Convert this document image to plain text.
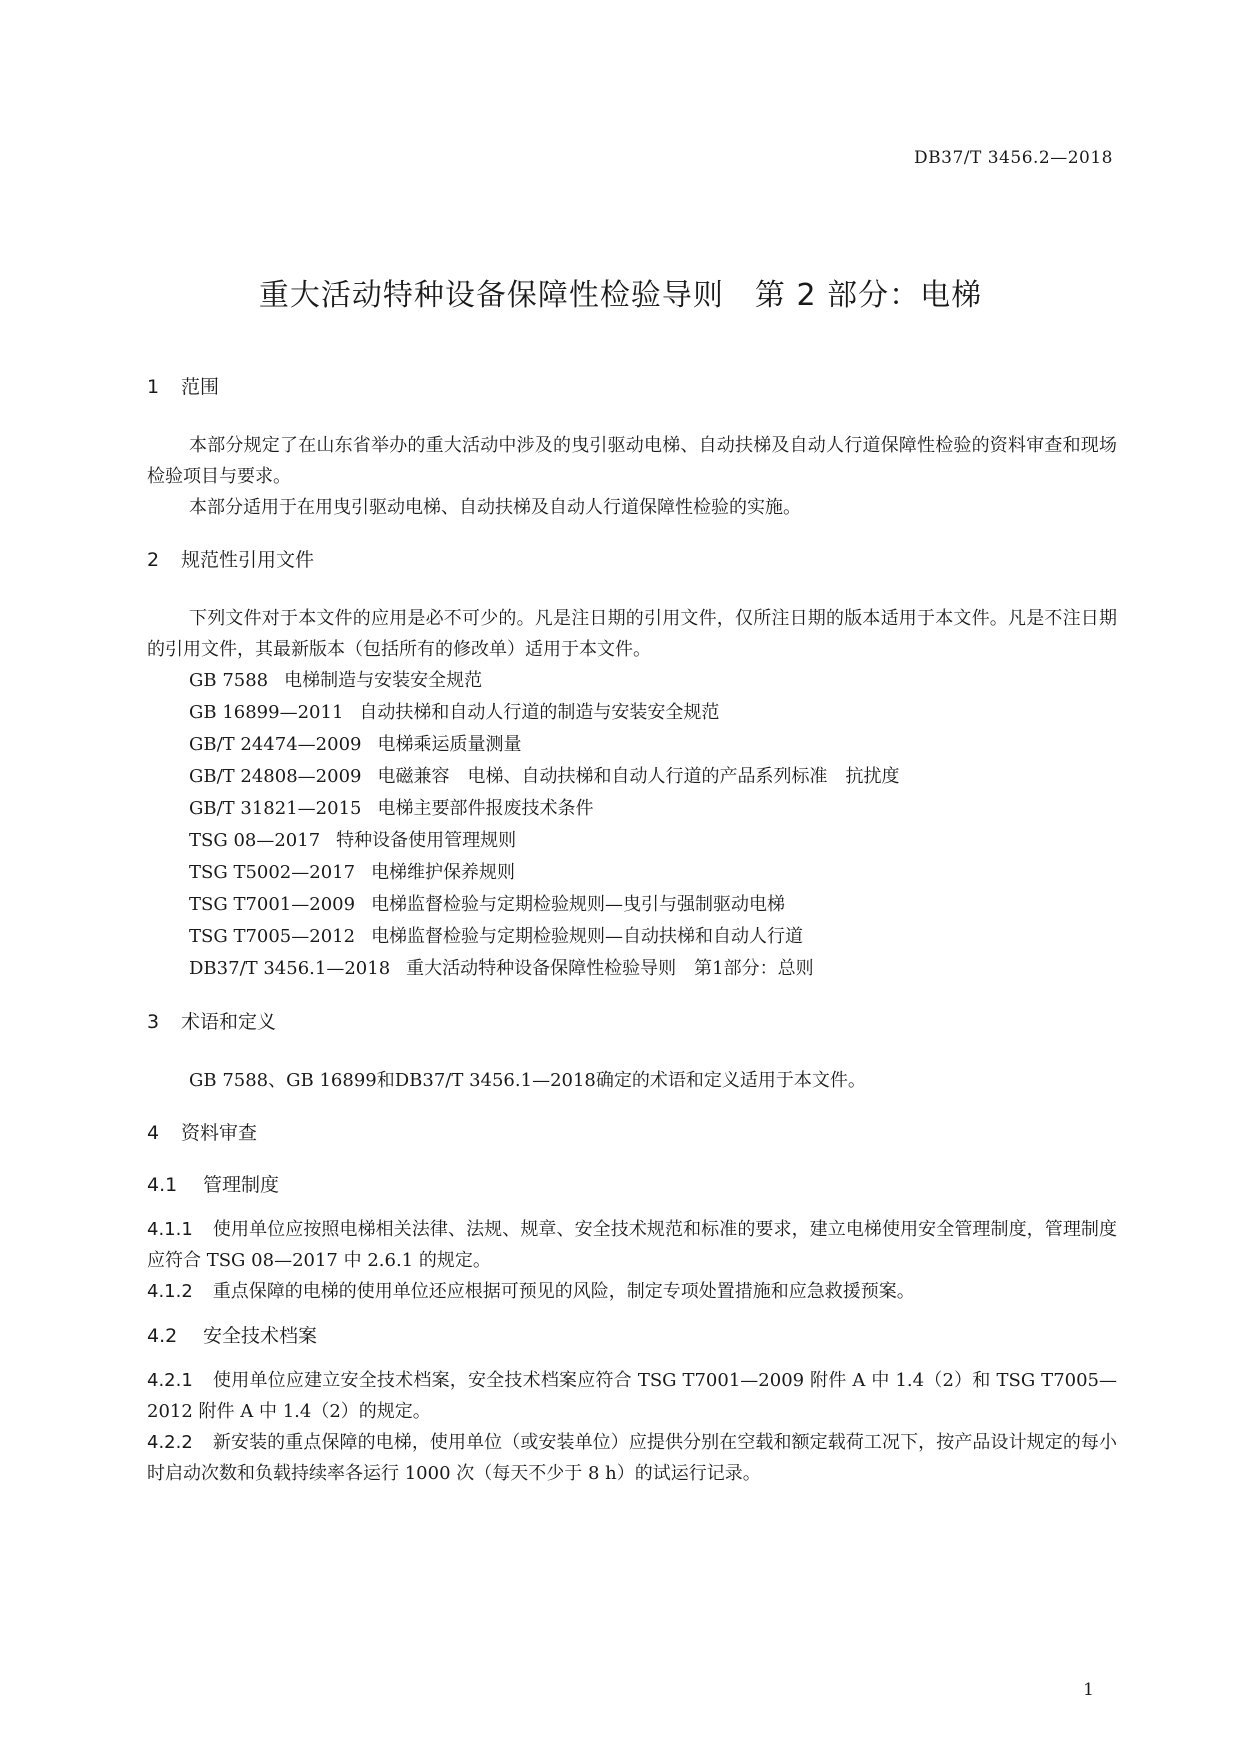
DB37/T 3456.2—2018
重大活动特种设备保障性检验导则　第 2 部分：电梯
1 范围

本部分规定了在山东省举办的重大活动中涉及的曳引驱动电梯、自动扶梯及自动人行道保障性检验的资料审查和现场检验项目与要求。

本部分适用于在用曳引驱动电梯、自动扶梯及自动人行道保障性检验的实施。

2 规范性引用文件

下列文件对于本文件的应用是必不可少的。凡是注日期的引用文件，仅所注日期的版本适用于本文件。凡是不注日期的引用文件，其最新版本（包括所有的修改单）适用于本文件。

GB 7588 电梯制造与安装安全规范

GB 16899—2011 自动扶梯和自动人行道的制造与安装安全规范

GB/T 24474—2009 电梯乘运质量测量

GB/T 24808—2009 电磁兼容　电梯、自动扶梯和自动人行道的产品系列标准　抗扰度

GB/T 31821—2015 电梯主要部件报废技术条件

TSG 08—2017 特种设备使用管理规则

TSG T5002—2017 电梯维护保养规则

TSG T7001—2009 电梯监督检验与定期检验规则—曳引与强制驱动电梯

TSG T7005—2012 电梯监督检验与定期检验规则—自动扶梯和自动人行道

DB37/T 3456.1—2018 重大活动特种设备保障性检验导则　第1部分：总则

3 术语和定义

GB 7588、GB 16899和DB37/T 3456.1—2018确定的术语和定义适用于本文件。

4 资料审查
4.1 管理制度

4.1.1 使用单位应按照电梯相关法律、法规、规章、安全技术规范和标准的要求，建立电梯使用安全管理制度，管理制度应符合 TSG 08—2017 中 2.6.1 的规定。

4.1.2 重点保障的电梯的使用单位还应根据可预见的风险，制定专项处置措施和应急救援预案。

4.2 安全技术档案

4.2.1 使用单位应建立安全技术档案，安全技术档案应符合 TSG T7001—2009 附件 A 中 1.4（2）和 TSG T7005—2012 附件 A 中 1.4（2）的规定。

4.2.2 新安装的重点保障的电梯，使用单位（或安装单位）应提供分别在空载和额定载荷工况下，按产品设计规定的每小时启动次数和负载持续率各运行 1000 次（每天不少于 8 h）的试运行记录。

1
